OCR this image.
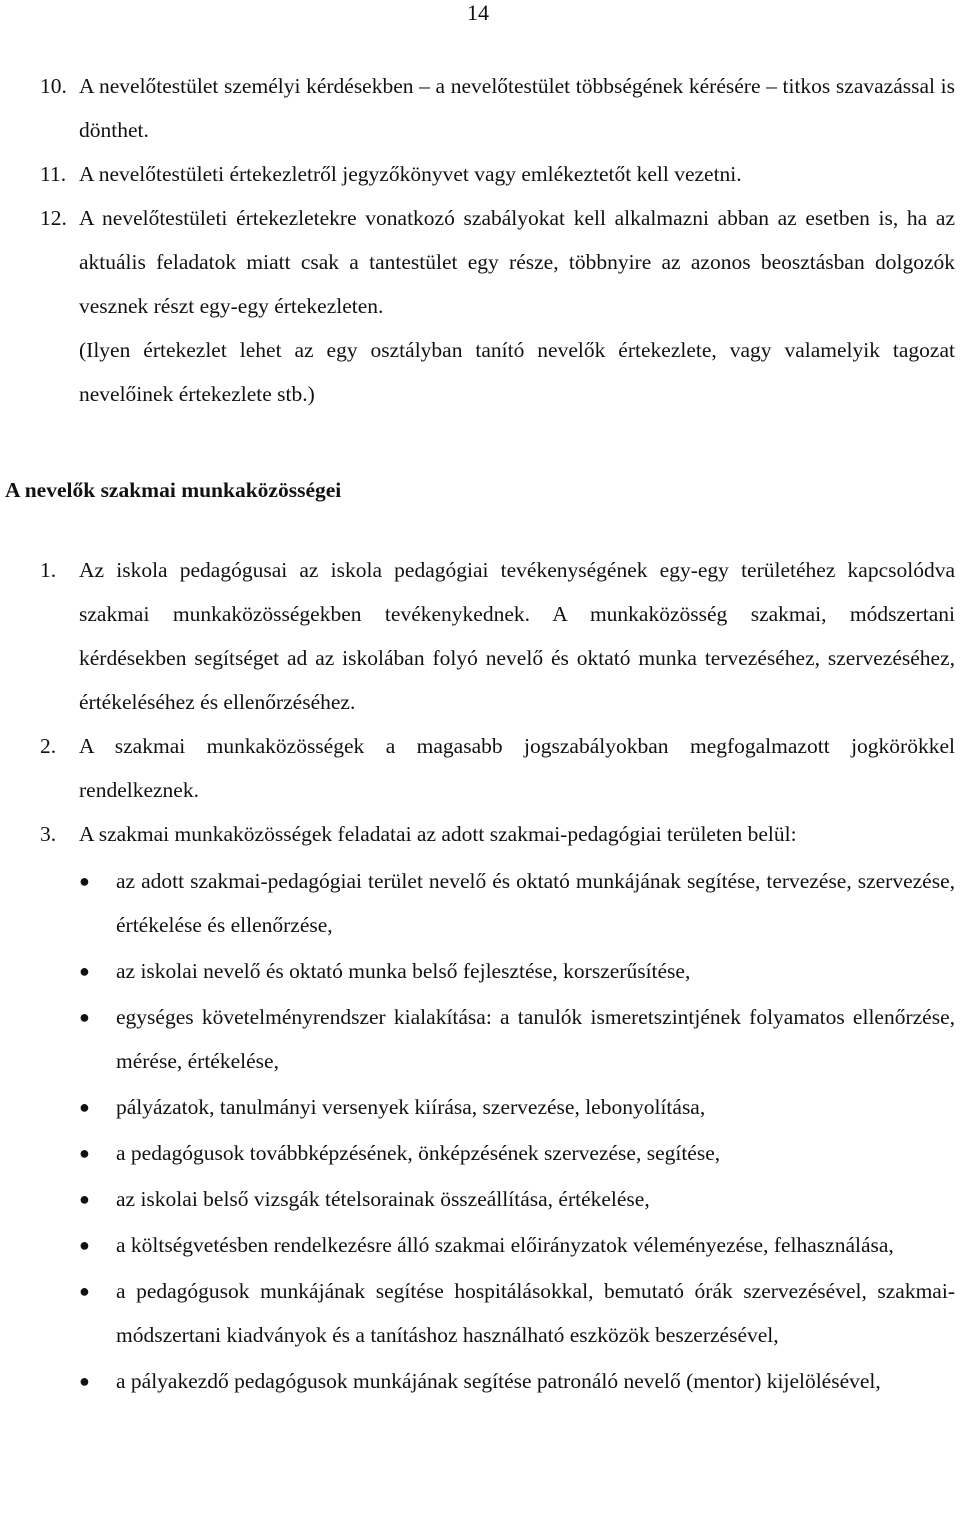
14
10. A nevelőtestület személyi kérdésekben – a nevelőtestület többségének kérésére – titkos szavazással is dönthet.
11. A nevelőtestületi értekezletről jegyzőkönyvet vagy emlékeztetőt kell vezetni.
12. A nevelőtestületi értekezletekre vonatkozó szabályokat kell alkalmazni abban az esetben is, ha az aktuális feladatok miatt csak a tantestület egy része, többnyire az azonos beosztásban dolgozók vesznek részt egy-egy értekezleten.
(Ilyen értekezlet lehet az egy osztályban tanító nevelők értekezlete, vagy valamelyik tagozat nevelőinek értekezlete stb.)
A nevelők szakmai munkaközösségei
1.	Az iskola pedagógusai az iskola pedagógiai tevékenységének egy-egy területéhez kapcsolódva szakmai munkaközösségekben tevékenykednek. A munkaközösség szakmai, módszertani kérdésekben segítséget ad az iskolában folyó nevelő és oktató munka tervezéséhez, szervezéséhez, értékeléséhez és ellenőrzéséhez.
2.	A szakmai munkaközösségek a magasabb jogszabályokban megfogalmazott jogkörökkel rendelkeznek.
3.	A szakmai munkaközösségek feladatai az adott szakmai-pedagógiai területen belül:
●	az adott szakmai-pedagógiai terület nevelő és oktató munkájának segítése, tervezése, szervezése, értékelése és ellenőrzése,
●	az iskolai nevelő és oktató munka belső fejlesztése, korszerűsítése,
●	egységes követelményrendszer kialakítása: a tanulók ismeretszintjének folyamatos ellenőrzése, mérése, értékelése,
●	pályázatok, tanulmányi versenyek kiírása, szervezése, lebonyolítása,
●	a pedagógusok továbbképzésének, önképzésének szervezése, segítése,
●	az iskolai belső vizsgák tételsorainak összeállítása, értékelése,
●	a költségvetésben rendelkezésre álló szakmai előirányzatok véleményezése, felhasználása,
●	a pedagógusok munkájának segítése hospitálásokkal, bemutató órák szervezésével, szakmai-módszertani kiadványok és a tanításhoz használható eszközök beszerzésével,
●	a pályakezdő pedagógusok munkájának segítése patronáló nevelő (mentor) kijelölésével,
